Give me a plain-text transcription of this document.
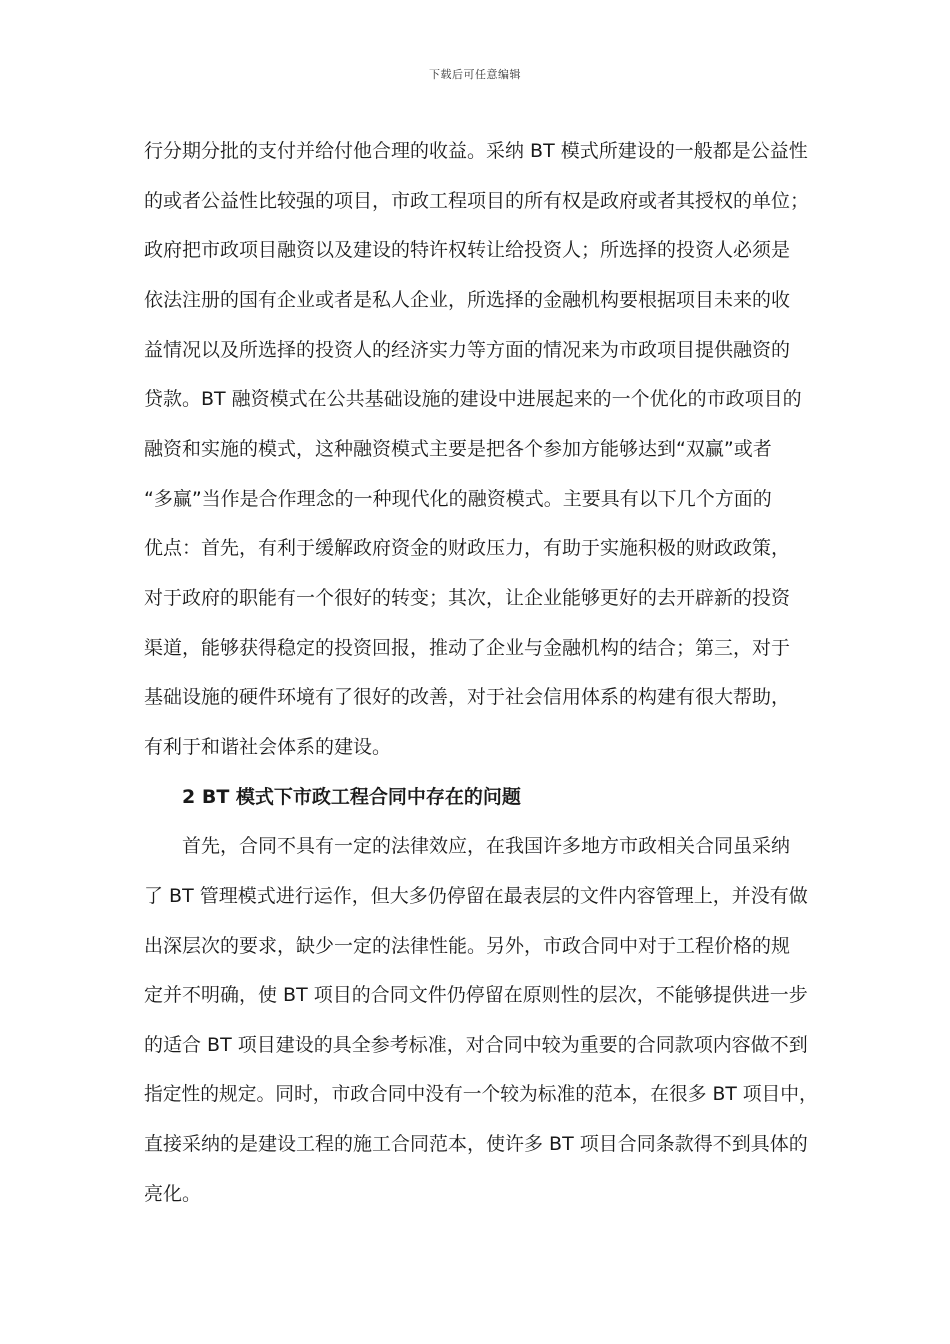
下载后可任意编辑
行分期分批的支付并给付他合理的收益。采纳 BT 模式所建设的一般都是公益性
的或者公益性比较强的项目，市政工程项目的所有权是政府或者其授权的单位；
政府把市政项目融资以及建设的特许权转让给投资人；所选择的投资人必须是
依法注册的国有企业或者是私人企业，所选择的金融机构要根据项目未来的收
益情况以及所选择的投资人的经济实力等方面的情况来为市政项目提供融资的
贷款。BT 融资模式在公共基础设施的建设中进展起来的一个优化的市政项目的
融资和实施的模式，这种融资模式主要是把各个参加方能够达到“双赢”或者
“多赢”当作是合作理念的一种现代化的融资模式。主要具有以下几个方面的
优点：首先，有利于缓解政府资金的财政压力，有助于实施积极的财政政策，
对于政府的职能有一个很好的转变；其次，让企业能够更好的去开辟新的投资
渠道，能够获得稳定的投资回报，推动了企业与金融机构的结合；第三，对于
基础设施的硬件环境有了很好的改善，对于社会信用体系的构建有很大帮助，
有利于和谐社会体系的建设。
2 BT 模式下市政工程合同中存在的问题
首先，合同不具有一定的法律效应，在我国许多地方市政相关合同虽采纳
了 BT 管理模式进行运作，但大多仍停留在最表层的文件内容管理上，并没有做
出深层次的要求，缺少一定的法律性能。另外，市政合同中对于工程价格的规
定并不明确，使 BT 项目的合同文件仍停留在原则性的层次，不能够提供进一步
的适合 BT 项目建设的具全参考标准，对合同中较为重要的合同款项内容做不到
指定性的规定。同时，市政合同中没有一个较为标准的范本，在很多 BT 项目中，
直接采纳的是建设工程的施工合同范本，使许多 BT 项目合同条款得不到具体的
亮化。
